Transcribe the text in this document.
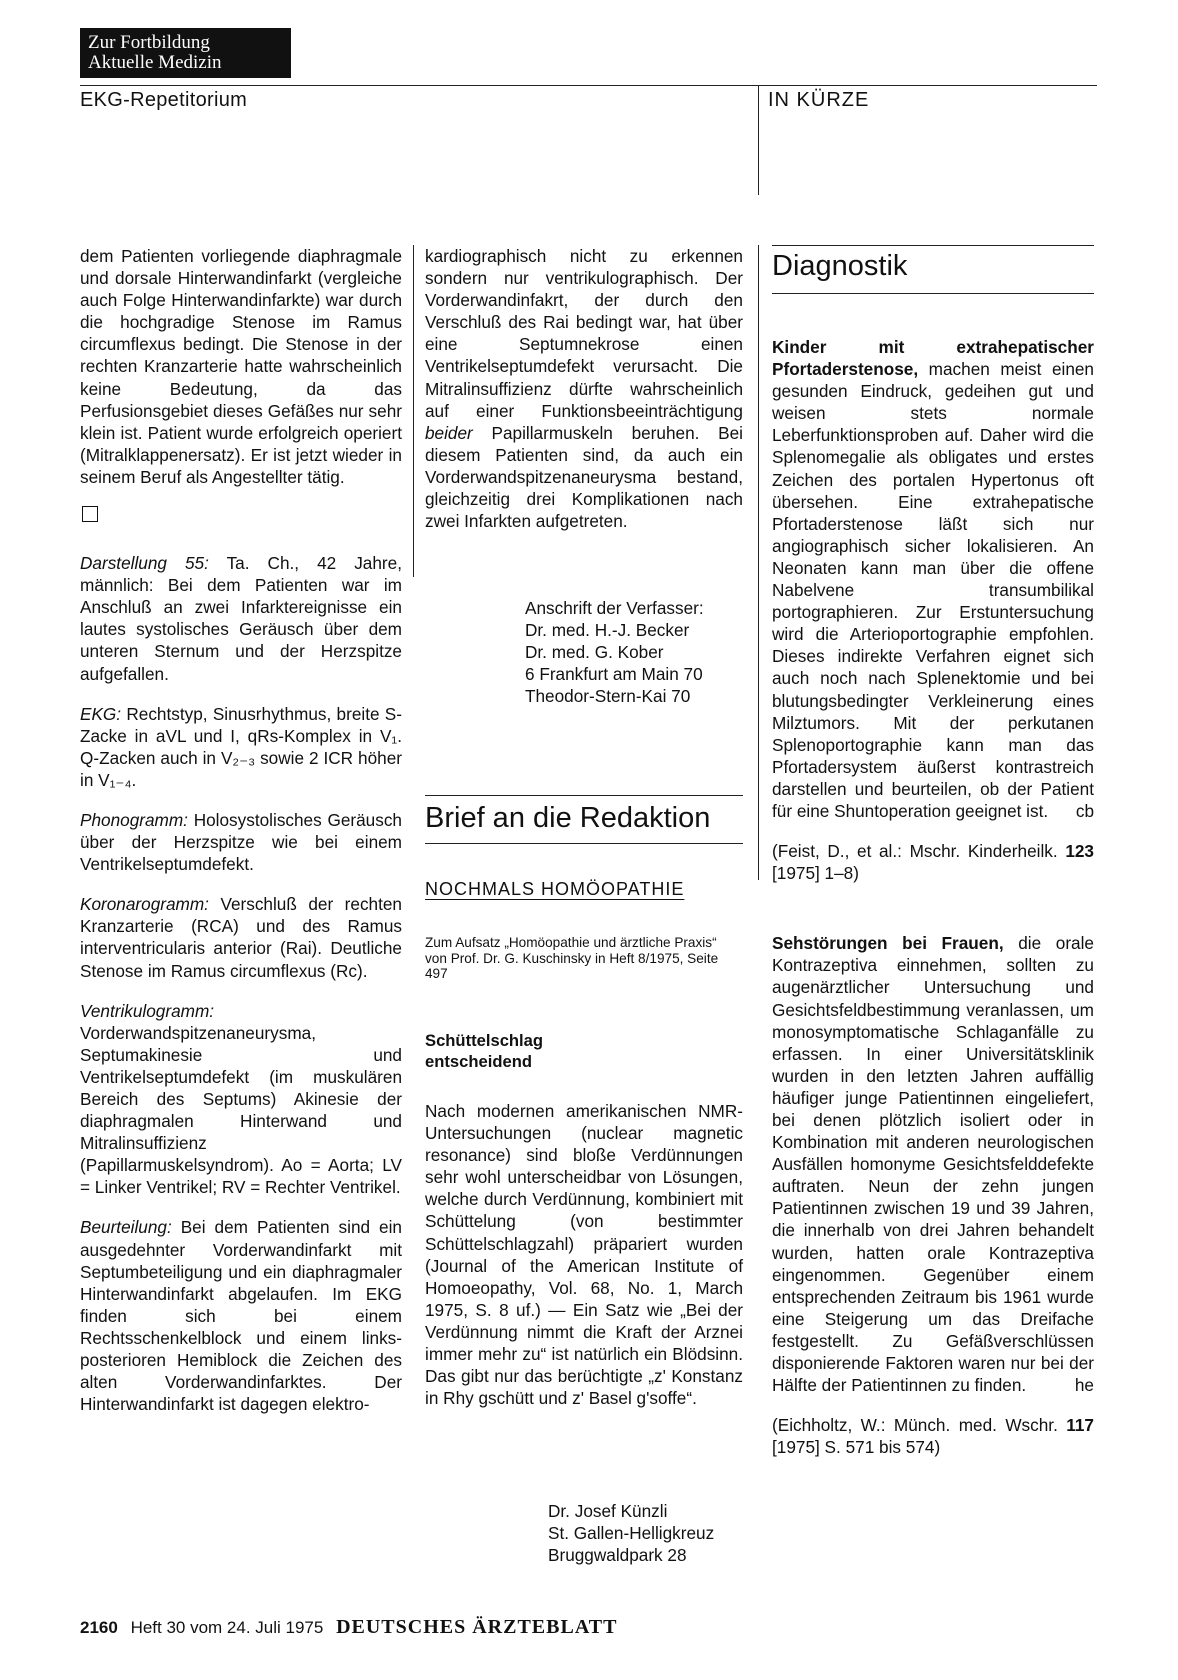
Zur Fortbildung
Aktuelle Medizin
EKG-Repetitorium	IN KÜRZE

dem Patienten vorliegende diaphragmale und dorsale Hinterwandinfarkt (vergleiche auch Folge Hinterwandinfarkte) war durch die hochgradige Stenose im Ramus circumflexus bedingt. Die Stenose in der rechten Kranzarterie hatte wahrscheinlich keine Bedeutung, da das Perfusionsgebiet dieses Gefäßes nur sehr klein ist. Patient wurde erfolgreich operiert (Mitralklappenersatz). Er ist jetzt wieder in seinem Beruf als Angestellter tätig.

Darstellung 55: Ta. Ch., 42 Jahre, männlich: Bei dem Patienten war im Anschluß an zwei Infarktereignisse ein lautes systolisches Geräusch über dem unteren Sternum und der Herzspitze aufgefallen.

EKG: Rechtstyp, Sinusrhythmus, breite S-Zacke in aVL und I, qRs-Komplex in V₁. Q-Zacken auch in V₂₋₃ sowie 2 ICR höher in V₁₋₄.

Phonogramm: Holosystolisches Geräusch über der Herzspitze wie bei einem Ventrikelseptumdefekt.

Koronarogramm: Verschluß der rechten Kranzarterie (RCA) und des Ramus interventricularis anterior (Rai). Deutliche Stenose im Ramus circumflexus (Rc).

Ventrikulogramm: Vorderwandspitzenaneurysma, Septumakinesie und Ventrikelseptumdefekt (im muskulären Bereich des Septums) Akinesie der diaphragmalen Hinterwand und Mitralinsuffizienz (Papillarmuskelsyndrom). Ao = Aorta; LV = Linker Ventrikel; RV = Rechter Ventrikel.

Beurteilung: Bei dem Patienten sind ein ausgedehnter Vorderwandinfarkt mit Septumbeteiligung und ein diaphragmaler Hinterwandinfarkt abgelaufen. Im EKG finden sich bei einem Rechtsschenkelblock und einem links-posterioren Hemiblock die Zeichen des alten Vorderwandinfarktes. Der Hinterwandinfarkt ist dagegen elektro-

kardiographisch nicht zu erkennen sondern nur ventrikulographisch. Der Vorderwandinfakrt, der durch den Verschluß des Rai bedingt war, hat über eine Septumnekrose einen Ventrikelseptumdefekt verursacht. Die Mitralinsuffizienz dürfte wahrscheinlich auf einer Funktionsbeeinträchtigung beider Papillarmuskeln beruhen. Bei diesem Patienten sind, da auch ein Vorderwandspitzenaneurysma bestand, gleichzeitig drei Komplikationen nach zwei Infarkten aufgetreten.

Anschrift der Verfasser:
Dr. med. H.-J. Becker
Dr. med. G. Kober
6 Frankfurt am Main 70
Theodor-Stern-Kai 70
Brief an die Redaktion
NOCHMALS HOMÖOPATHIE
Zum Aufsatz „Homöopathie und ärztliche Praxis“ von Prof. Dr. G. Kuschinsky in Heft 8/1975, Seite 497
Schüttelschlag
entscheidend

Nach modernen amerikanischen NMR-Untersuchungen (nuclear magnetic resonance) sind bloße Verdünnungen sehr wohl unterscheidbar von Lösungen, welche durch Verdünnung, kombiniert mit Schüttelung (von bestimmter Schüttelschlagzahl) präpariert wurden (Journal of the American Institute of Homoeopathy, Vol. 68, No. 1, March 1975, S. 8 uf.) — Ein Satz wie „Bei der Verdünnung nimmt die Kraft der Arznei immer mehr zu“ ist natürlich ein Blödsinn. Das gibt nur das berüchtigte „z' Konstanz in Rhy gschütt und z' Basel g'soffe“.

Dr. Josef Künzli
St. Gallen-Helligkreuz
Bruggwaldpark 28
Diagnostik

Kinder mit extrahepatischer Pfortaderstenose, machen meist einen gesunden Eindruck, gedeihen gut und weisen stets normale Leberfunktionsproben auf. Daher wird die Splenomegalie als obligates und erstes Zeichen des portalen Hypertonus oft übersehen. Eine extrahepatische Pfortaderstenose läßt sich nur angiographisch sicher lokalisieren. An Neonaten kann man über die offene Nabelvene transumbilikal portographieren. Zur Erstuntersuchung wird die Arterioportographie empfohlen. Dieses indirekte Verfahren eignet sich auch noch nach Splenektomie und bei blutungsbedingter Verkleinerung eines Milztumors. Mit der perkutanen Splenoportographie kann man das Pfortadersystem äußerst kontrastreich darstellen und beurteilen, ob der Patient für eine Shuntoperation geeignet ist. cb

(Feist, D., et al.: Mschr. Kinderheilk. 123 [1975] 1–8)

Sehstörungen bei Frauen, die orale Kontrazeptiva einnehmen, sollten zu augenärztlicher Untersuchung und Gesichtsfeldbestimmung veranlassen, um monosymptomatische Schlaganfälle zu erfassen. In einer Universitätsklinik wurden in den letzten Jahren auffällig häufiger junge Patientinnen eingeliefert, bei denen plötzlich isoliert oder in Kombination mit anderen neurologischen Ausfällen homonyme Gesichtsfelddefekte auftraten. Neun der zehn jungen Patientinnen zwischen 19 und 39 Jahren, die innerhalb von drei Jahren behandelt wurden, hatten orale Kontrazeptiva eingenommen. Gegenüber einem entsprechenden Zeitraum bis 1961 wurde eine Steigerung um das Dreifache festgestellt. Zu Gefäßverschlüssen disponierende Faktoren waren nur bei der Hälfte der Patientinnen zu finden.	he

(Eichholtz, W.: Münch. med. Wschr. 117 [1975] S. 571 bis 574)

2160 Heft 30 vom 24. Juli 1975 DEUTSCHES ÄRZTEBLATT
